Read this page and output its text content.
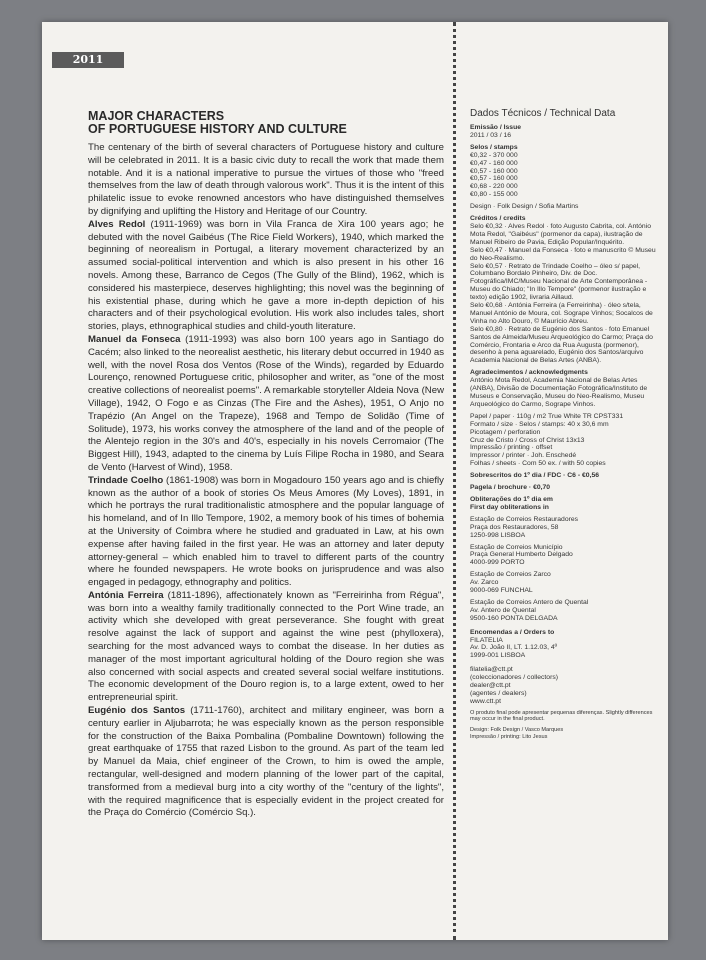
2011
MAJOR CHARACTERS
OF PORTUGUESE HISTORY AND CULTURE

The centenary of the birth of several characters of Portuguese history and culture will be celebrated in 2011. It is a basic civic duty to recall the work that made them notable. And it is a national imperative to pursue the virtues of those who "freed themselves from the law of death through valorous work". Thus it is the intent of this philatelic issue to evoke renowned ancestors who have distinguished themselves by dignifying and uplifting the History and Heritage of our Country.

Alves Redol (1911-1969) was born in Vila Franca de Xira 100 years ago; he debuted with the novel Gaibéus (The Rice Field Workers), 1940, which marked the beginning of neorealism in Portugal, a literary movement characterized by an assumed social-political intervention and which is also present in his other 16 novels. Among these, Barranco de Cegos (The Gully of the Blind), 1962, which is considered his masterpiece, deserves highlighting; this novel was the beginning of his existential phase, during which he gave a more in-depth depiction of his characters and of their psychological evolution. His work also includes tales, short stories, plays, ethnographical studies and child-youth literature.

Manuel da Fonseca (1911-1993) was also born 100 years ago in Santiago do Cacém; also linked to the neorealist aesthetic, his literary debut occurred in 1940 as well, with the novel Rosa dos Ventos (Rose of the Winds), regarded by Eduardo Lourenço, renowned Portuguese critic, philosopher and writer, as "one of the most creative collections of neorealist poems". A remarkable storyteller Aldeia Nova (New Village), 1942, O Fogo e as Cinzas (The Fire and the Ashes), 1951, O Anjo no Trapézio (An Angel on the Trapeze), 1968 and Tempo de Solidão (Time of Solitude), 1973, his works convey the atmosphere of the land and of the people of the Alentejo region in the 30's and 40's, especially in his novels Cerromaior (The Biggest Hill), 1943, adapted to the cinema by Luís Filipe Rocha in 1980, and Seara de Vento (Harvest of Wind), 1958.

Trindade Coelho (1861-1908) was born in Mogadouro 150 years ago and is chiefly known as the author of a book of stories Os Meus Amores (My Loves), 1891, in which he portrays the rural traditionalistic atmosphere and the popular language of his homeland, and of In Illo Tempore, 1902, a memory book of his times of bohemia at the University of Coimbra where he studied and graduated in Law, at his own expense after having failed in the first year. He was an attorney and later deputy attorney-general – which enabled him to travel to different parts of the country where he founded newspapers. He wrote books on jurisprudence and was also engaged in pedagogy, ethnography and politics.

Antónia Ferreira (1811-1896), affectionately known as "Ferreirinha from Régua", was born into a wealthy family traditionally connected to the Port Wine trade, an activity which she developed with great perseverance. She fought with great resolve against the lack of support and against the wine pest (phylloxera), searching for the most advanced ways to combat the disease. In her duties as manager of the most important agricultural holding of the Douro region she was also concerned with social aspects and created several social welfare institutions. The economic development of the Douro region is, to a large extent, owed to her entrepreneurial spirit.

Eugénio dos Santos (1711-1760), architect and military engineer, was born a century earlier in Aljubarrota; he was especially known as the person responsible for the construction of the Baixa Pombalina (Pombaline Downtown) following the great earthquake of 1755 that razed Lisbon to the ground. As part of the team led by Manuel da Maia, chief engineer of the Crown, to him is owed the ample, rectangular, well-designed and modern planning of the lower part of the capital, transformed from a medieval burg into a city worthy of the "century of the lights", with the required magnificence that is especially evident in the project created for the Praça do Comércio (Comércio Sq.).

Dados Técnicos / Technical Data
Emissão / Issue
2011 / 03 / 16
Selos / stamps
€0,32 - 370 000
€0,47 - 160 000
€0,57 - 160 000
€0,57 - 160 000
€0,68 - 220 000
€0,80 - 155 000
Design · Folk Design / Sofia Martins
Créditos / credits
Selo €0,32 · Alves Redol · foto Augusto Cabrita, col. António Mota Redol, "Gaibéus" (pormenor da capa), ilustração de Manuel Ribeiro de Pavia, Edição Popular/Inquérito.
Selo €0,47 · Manuel da Fonseca · foto e manuscrito © Museu do Neo-Realismo.
Selo €0,57 · Retrato de Trindade Coelho – óleo s/ papel, Columbano Bordalo Pinheiro, Div. de Doc. Fotográfica/IMC/Museu Nacional de Arte Contemporânea - Museu do Chiado; "In Illo Tempore" (pormenor ilustração e texto) edição 1902, livraria Aillaud.
Selo €0,68 · Antónia Ferreira (a Ferreirinha) · óleo s/tela, Manuel António de Moura, col. Sogrape Vinhos; Socalcos de Vinha no Alto Douro, © Maurício Abreu.
Selo €0,80 · Retrato de Eugénio dos Santos · foto Emanuel Santos de Almeida/Museu Arqueológico do Carmo; Praça do Comércio, Frontaria e Arco da Rua Augusta (pormenor), desenho à pena aguarelado, Eugénio dos Santos/arquivo Academia Nacional de Belas Artes (ANBA).
Agradecimentos / acknowledgments
António Mota Redol, Academia Nacional de Belas Artes (ANBA), Divisão de Documentação Fotográfica/Instituto de Museus e Conservação, Museu do Neo-Realismo, Museu Arqueológico do Carmo, Sogrape Vinhos.
Papel / paper · 110g / m2 True White TR CPST331
Formato / size · Selos / stamps: 40 x 30,6 mm
Picotagem / perforation
Cruz de Cristo / Cross of Christ 13x13
Impressão / printing · offset
Impressor / printer · Joh. Enschedé
Folhas / sheets · Com 50 ex. / with 50 copies
Sobrescritos do 1º dia / FDC · C6 - €0,56
Pagela / brochure · €0,70
Obliterações do 1º dia em
First day obliterations in
Estação de Correios Restauradores
Praça dos Restauradores, 58
1250-998 LISBOA
Estação de Correios Município
Praça General Humberto Delgado
4000-999 PORTO
Estação de Correios Zarco
Av. Zarco
9000-069 FUNCHAL
Estação de Correios Antero de Quental
Av. Antero de Quental
9500-160 PONTA DELGADA
Encomendas a / Orders to
FILATELIA
Av. D. João II, LT. 1.12.03, 4º
1999-001 LISBOA
filatelia@ctt.pt
(coleccionadores / collectors)
dealer@ctt.pt
(agentes / dealers)
www.ctt.pt
O produto final pode apresentar pequenas diferenças. Slightly differences may occur in the final product.
Design: Folk Design / Vasco Marques
Impressão / printing: Lito Jesus
